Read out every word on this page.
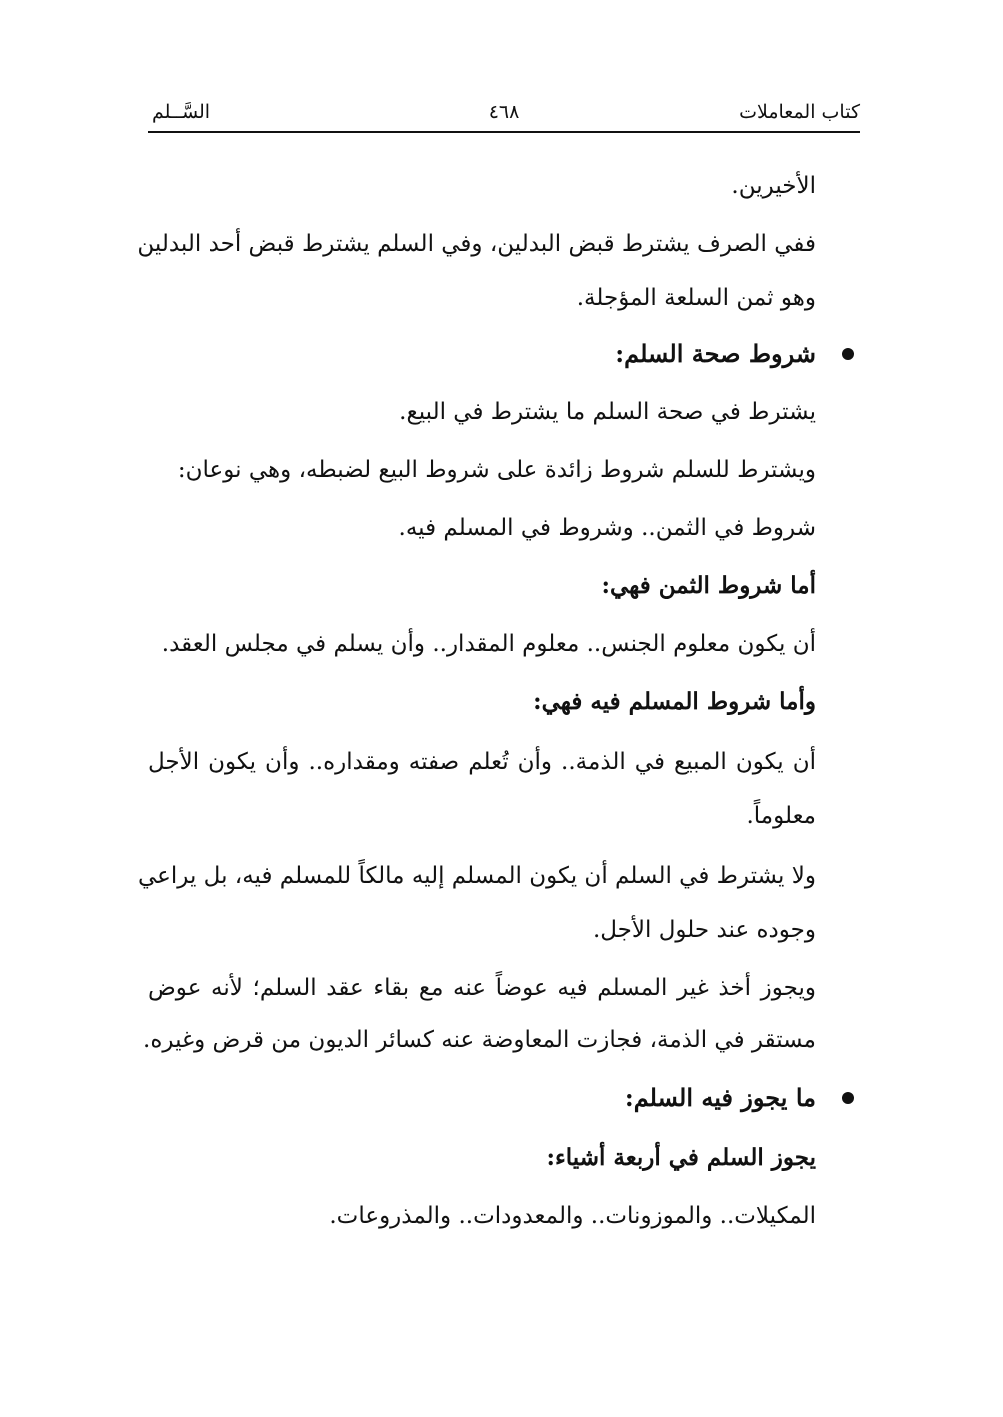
كتاب المعاملات
٤٦٨
السَّــلم
الأخيرين.
ففي الصرف يشترط قبض البدلين، وفي السلم يشترط قبض أحد البدلين
وهو ثمن السلعة المؤجلة.
شروط صحة السلم:
يشترط في صحة السلم ما يشترط في البيع.
ويشترط للسلم شروط زائدة على شروط البيع لضبطه، وهي نوعان:
شروط في الثمن.. وشروط في المسلم فيه.
أما شروط الثمن فهي:
أن يكون معلوم الجنس.. معلوم المقدار.. وأن يسلم في مجلس العقد.
وأما شروط المسلم فيه فهي:
أن يكون المبيع في الذمة.. وأن تُعلم صفته ومقداره.. وأن يكون الأجل
معلوماً.
ولا يشترط في السلم أن يكون المسلم إليه مالكاً للمسلم فيه، بل يراعي
وجوده عند حلول الأجل.
ويجوز أخذ غير المسلم فيه عوضاً عنه مع بقاء عقد السلم؛ لأنه عوض
مستقر في الذمة، فجازت المعاوضة عنه كسائر الديون من قرض وغيره.
ما يجوز فيه السلم:
يجوز السلم في أربعة أشياء:
المكيلات.. والموزونات.. والمعدودات.. والمذروعات.
